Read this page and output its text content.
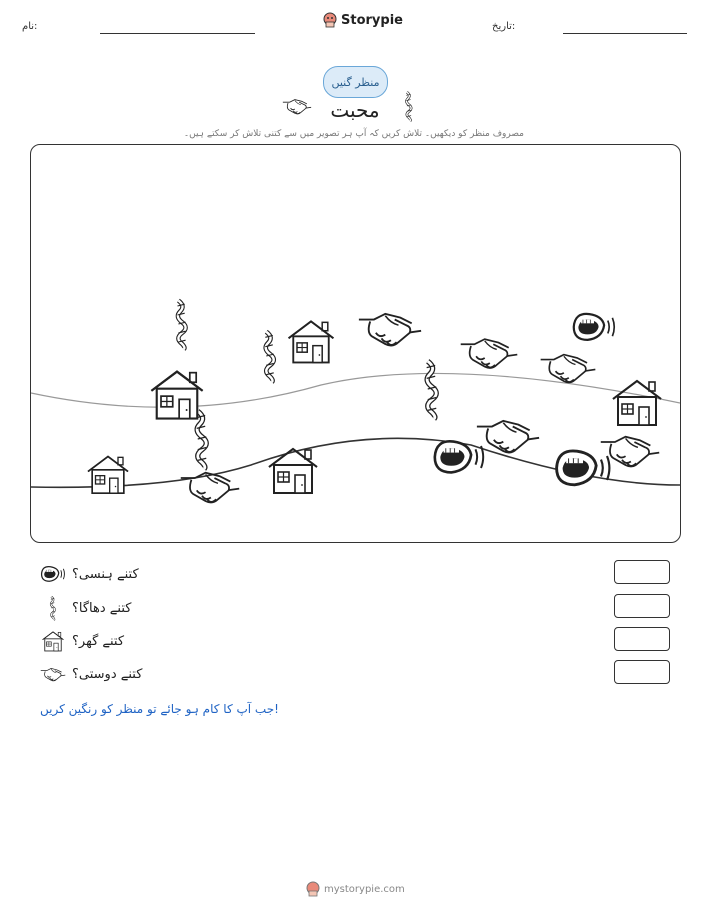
نام:	Storypie	تاریخ:
منظر گنیں
محبت
مصروف منظر کو دیکھیں۔ تلاش کریں کہ آپ ہر تصویر میں سے کتنی تلاش کر سکتے ہیں۔
کتنے ہنسی؟
کتنے دھاگا؟
کتنے گھر؟
کتنے دوستی؟
جب آپ کا کام ہو جائے تو منظر کو رنگین کریں!
mystorypie.com
